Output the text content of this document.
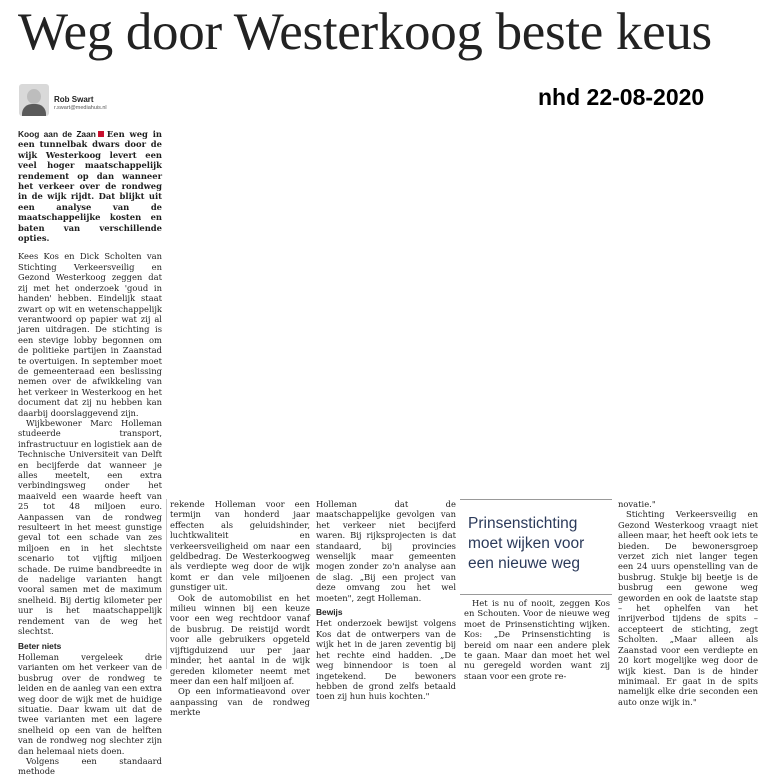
Weg door Westerkoog beste keus
Rob Swart
r.swart@mediahuis.nl	nhd 22-08-2020

Koog aan de Zaan Een weg in een tunnelbak dwars door de wijk Westerkoog levert een veel hoger maatschappelijk rendement op dan wanneer het verkeer over de rondweg in de wijk rijdt. Dat blijkt uit een analyse van de maatschappelijke kosten en baten van verschillende opties.

Kees Kos en Dick Scholten van Stichting Verkeersveilig en Gezond Westerkoog zeggen dat zij met het onderzoek 'goud in handen' hebben. Eindelijk staat zwart op wit en wetenschappelijk verantwoord op papier wat zij al jaren uitdragen. De stichting is een stevige lobby begonnen om de politieke partijen in Zaanstad te overtuigen. In september moet de gemeenteraad een beslissing nemen over de afwikkeling van het verkeer in Westerkoog en het document dat zij nu hebben kan daarbij doorslaggevend zijn.

Wijkbewoner Marc Holleman studeerde transport, infrastructuur en logistiek aan de Technische Universiteit van Delft en becijferde dat wanneer je alles meetelt, een extra verbindingsweg onder het maaiveld een waarde heeft van 25 tot 48 miljoen euro. Aanpassen van de rondweg resulteert in het meest gunstige geval tot een schade van zes miljoen en in het slechtste scenario tot vijftig miljoen schade. De ruime bandbreedte in de nadelige varianten hangt vooral samen met de maximum snelheid. Bij dertig kilometer per uur is het maatschappelijk rendement van de weg het slechtst.

Beter niets

Holleman vergeleek drie varianten om het verkeer van de busbrug over de rondweg te leiden en de aanleg van een extra weg door de wijk met de huidige situatie. Daar kwam uit dat de twee varianten met een lagere snelheid op een van de helften van de rondweg nog slechter zijn dan helemaal niets doen.

Volgens een standaard methode

rekende Holleman voor een termijn van honderd jaar effecten als geluidshinder, luchtkwaliteit en verkeersveiligheid om naar een geldbedrag. De Westerkoogweg als verdiepte weg door de wijk komt er dan vele miljoenen gunstiger uit.

Ook de automobilist en het milieu winnen bij een keuze voor een weg rechtdoor vanaf de busbrug. De reistijd wordt voor alle gebruikers opgeteld vijftigduizend uur per jaar minder, het aantal in de wijk gereden kilometer neemt met meer dan een half miljoen af.

Op een informatieavond over aanpassing van de rondweg merkte

Holleman dat de maatschappelijke gevolgen van het verkeer niet becijferd waren. Bij rijksprojecten is dat standaard, bij provincies wenselijk maar gemeenten mogen zonder zo'n analyse aan de slag. „Bij een project van deze omvang zou het wel moeten", zegt Holleman.

Bewijs

Het onderzoek bewijst volgens Kos dat de ontwerpers van de wijk het in de jaren zeventig bij het rechte eind hadden. „De weg binnendoor is toen al ingetekend. De bewoners hebben de grond zelfs betaald toen zij hun huis kochten."

Prinsenstichting moet wijken voor een nieuwe weg

Het is nu of nooit, zeggen Kos en Schouten. Voor de nieuwe weg moet de Prinsenstichting wijken. Kos: „De Prinsenstichting is bereid om naar een andere plek te gaan. Maar dan moet het wel nu geregeld worden want zij staan voor een grote re-

novatie."

Stichting Verkeersveilig en Gezond Westerkoog vraagt niet alleen maar, het heeft ook iets te bieden. De bewonersgroep verzet zich niet langer tegen een 24 uurs openstelling van de busbrug. Stukje bij beetje is de busbrug een gewone weg geworden en ook de laatste stap – het ophelfen van het inrijverbod tijdens de spits – accepteert de stichting, zegt Scholten. „Maar alleen als Zaanstad voor een verdiepte en 20 kort mogelijke weg door de wijk kiest. Dan is de hinder minimaal. Er gaat in de spits namelijk elke drie seconden een auto onze wijk in."
